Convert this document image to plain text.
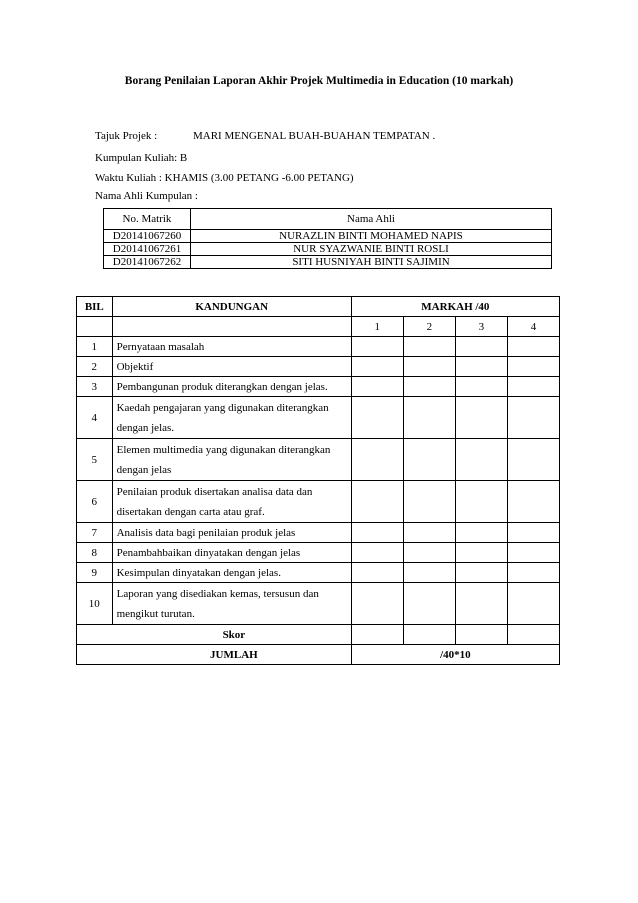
Borang Penilaian Laporan Akhir Projek Multimedia in Education (10 markah)
Tajuk Projek :	MARI MENGENAL BUAH-BUAHAN TEMPATAN .
Kumpulan Kuliah: B
Waktu Kuliah : KHAMIS (3.00 PETANG -6.00 PETANG)
Nama Ahli Kumpulan :
No. Matrik	Nama Ahli
D20141067260	NURAZLIN BINTI MOHAMED NAPIS
D20141067261	NUR SYAZWANIE BINTI ROSLI
D20141067262	SITI HUSNIYAH BINTI SAJIMIN
BIL	KANDUNGAN	MARKAH /40			
		1	2	3	4
1	Pernyataan masalah				
2	Objektif				
3	Pembangunan produk diterangkan dengan jelas.				
4	Kaedah pengajaran yang digunakan diterangkan
dengan jelas.				

5	Elemen multimedia yang digunakan diterangkan
dengan jelas				

6	Penilaian produk disertakan analisa data dan
disertakan dengan carta atau graf.				

7	Analisis data bagi penilaian produk jelas				
8	Penambahbaikan dinyatakan dengan jelas				
9	Kesimpulan dinyatakan dengan jelas.				
10	Laporan yang disediakan kemas, tersusun dan
mengikut turutan.				

Skor					
JUMLAH		/40*10			
